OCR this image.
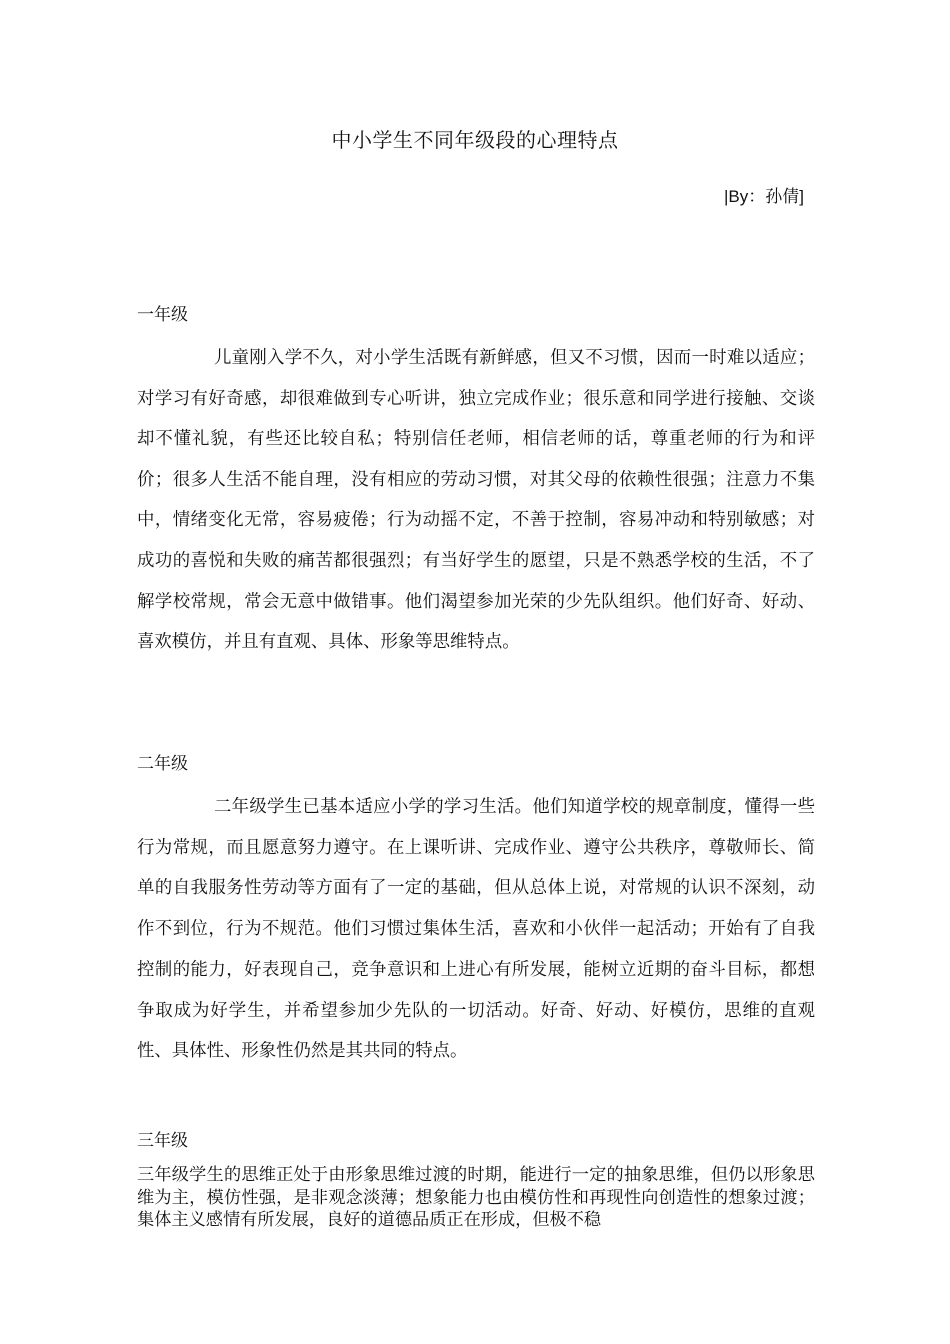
中小学生不同年级段的心理特点
|By：孙倩]
一年级
儿童刚入学不久，对小学生活既有新鲜感，但又不习惯，因而一时难以适应；对学习有好奇感，却很难做到专心听讲，独立完成作业；很乐意和同学进行接触、交谈却不懂礼貌，有些还比较自私；特别信任老师，相信老师的话，尊重老师的行为和评价；很多人生活不能自理，没有相应的劳动习惯，对其父母的依赖性很强；注意力不集中，情绪变化无常，容易疲倦；行为动摇不定，不善于控制，容易冲动和特别敏感；对成功的喜悦和失败的痛苦都很强烈；有当好学生的愿望，只是不熟悉学校的生活，不了解学校常规，常会无意中做错事。他们渴望参加光荣的少先队组织。他们好奇、好动、喜欢模仿，并且有直观、具体、形象等思维特点。
二年级
二年级学生已基本适应小学的学习生活。他们知道学校的规章制度，懂得一些行为常规，而且愿意努力遵守。在上课听讲、完成作业、遵守公共秩序，尊敬师长、简单的自我服务性劳动等方面有了一定的基础，但从总体上说，对常规的认识不深刻，动作不到位，行为不规范。他们习惯过集体生活，喜欢和小伙伴一起活动；开始有了自我控制的能力，好表现自己，竞争意识和上进心有所发展，能树立近期的奋斗目标，都想争取成为好学生，并希望参加少先队的一切活动。好奇、好动、好模仿，思维的直观性、具体性、形象性仍然是其共同的特点。
三年级
三年级学生的思维正处于由形象思维过渡的时期，能进行一定的抽象思维，但仍以形象思维为主，模仿性强，是非观念淡薄；想象能力也由模仿性和再现性向创造性的想象过渡；集体主义感情有所发展，良好的道德品质正在形成，但极不稳
